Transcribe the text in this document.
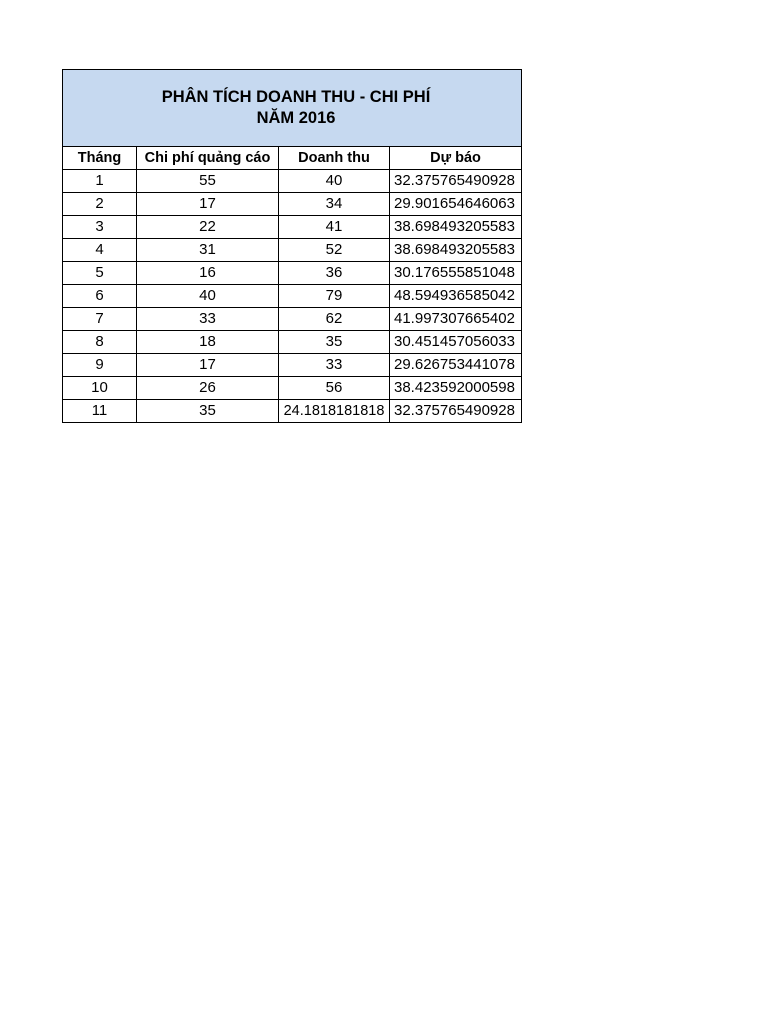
PHÂN TÍCH DOANH THU - CHI PHÍ
NĂM 2016			

Tháng	Chi phí quảng cáo	Doanh thu	Dự báo
1	55	40	32.375765490928
2	17	34	29.901654646063
3	22	41	38.698493205583
4	31	52	38.698493205583
5	16	36	30.176555851048
6	40	79	48.594936585042
7	33	62	41.997307665402
8	18	35	30.451457056033
9	17	33	29.626753441078
10	26	56	38.423592000598
11	35	24.1818181818	32.375765490928
